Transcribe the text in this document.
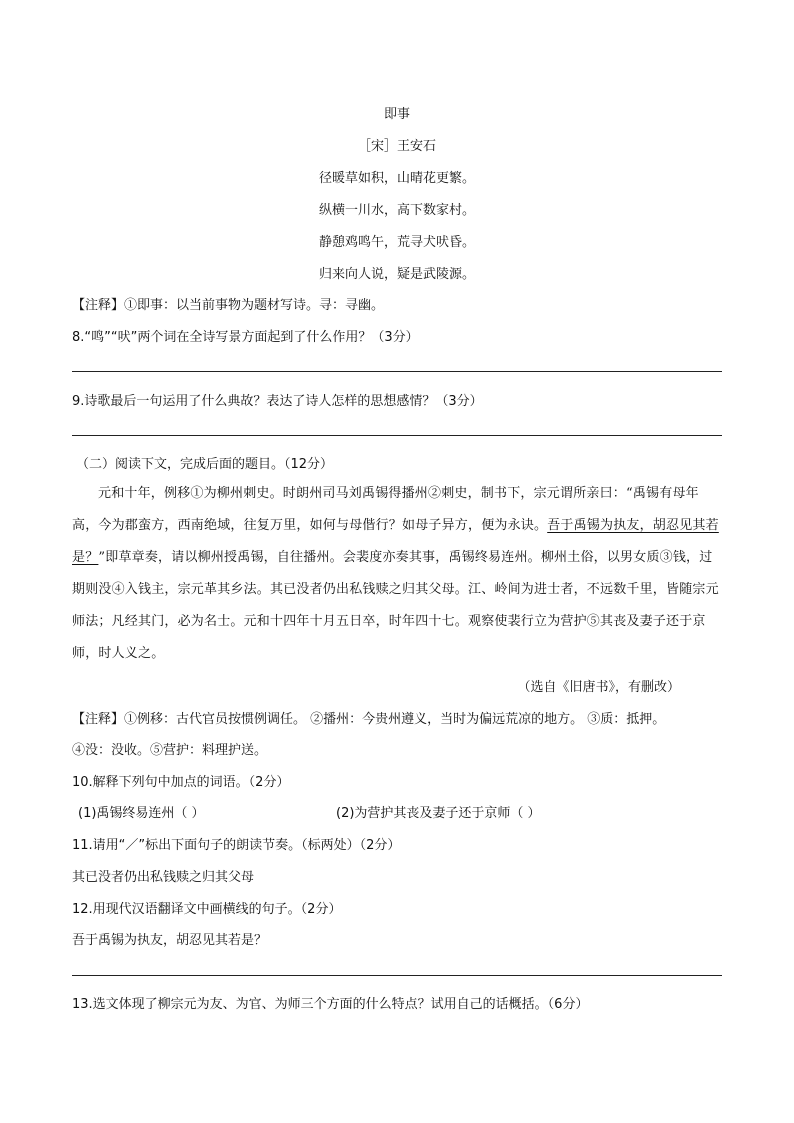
即事
［宋］王安石
径暖草如积，山晴花更繁。
纵横一川水，高下数家村。
静憩鸡鸣午，荒寻犬吠昏。
归来向人说，疑是武陵源。
【注释】①即事：以当前事物为题材写诗。寻：寻幽。
8.“鸣”“吠”两个词在全诗写景方面起到了什么作用？（3分）
9.诗歌最后一句运用了什么典故？表达了诗人怎样的思想感情？（3分）
（二）阅读下文，完成后面的题目。（12分）

元和十年，例移①为柳州刺史。时朗州司马刘禹锡得播州②刺史，制书下，宗元谓所亲曰：“禹锡有母年高，今为郡蛮方，西南绝域，往复万里，如何与母偕行？如母子异方，便为永诀。吾于禹锡为执友，胡忍见其若是？”即草章奏，请以柳州授禹锡，自往播州。会裴度亦奏其事，禹锡终易连州。柳州土俗，以男女质③钱，过期则没④入钱主，宗元革其乡法。其已没者仍出私钱赎之归其父母。江、岭间为进士者，不远数千里，皆随宗元师法；凡经其门，必为名士。元和十四年十月五日卒，时年四十七。观察使裴行立为营护⑤其丧及妻子还于京师，时人义之。

（选自《旧唐书》，有删改）
【注释】①例移：古代官员按惯例调任。 ②播州：今贵州遵义，当时为偏远荒凉的地方。 ③质：抵押。
④没：没收。⑤营护：料理护送。
10.解释下列句中加点的词语。（2分）
(1)禹锡终易连州（ ）	(2)为营护其丧及妻子还于京师（ ）
11.请用“／”标出下面句子的朗读节奏。（标两处）（2分）
其已没者仍出私钱赎之归其父母
12.用现代汉语翻译文中画横线的句子。（2分）
吾于禹锡为执友，胡忍见其若是？
13.选文体现了柳宗元为友、为官、为师三个方面的什么特点？试用自己的话概括。（6分）
